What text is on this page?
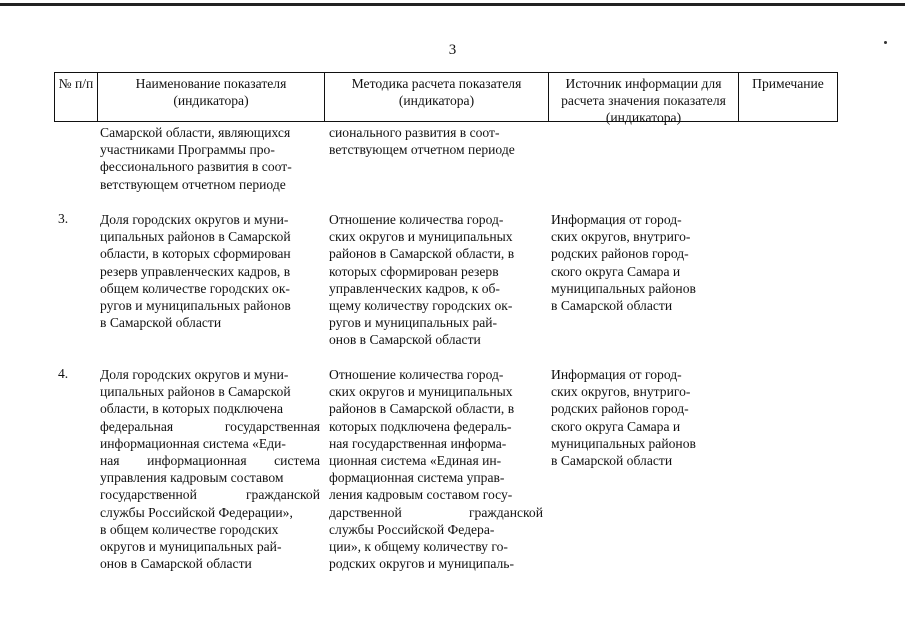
3
№ п/п	Наименование показателя (индикатора)
Методика расчета показателя (индикатора)
Источник информации для расчета значения показателя (индикатора)
Примечание
Самарской области, являющихся
участниками Программы про-
фессионального развития в соот-
ветствующем отчетном периоде
сионального развития в соот-
ветствующем отчетном периоде
3. Доля городских округов и муни-
ципальных районов в Самарской
области, в которых сформирован
резерв управленческих кадров, в
общем количестве городских ок-
ругов и муниципальных районов
в Самарской области
Отношение количества город-
ских округов и муниципальных
районов в Самарской области, в
которых сформирован резерв
управленческих кадров, к об-
щему количеству городских ок-
ругов и муниципальных рай-
онов в Самарской области
Информация от город-
ских округов, внутриго-
родских районов город-
ского округа Самара и
муниципальных районов
в Самарской области
4. Доля городских округов и муни-
ципальных районов в Самарской
области, в которых подключена
федеральная государственная
информационная система «Еди-
ная информационная система
управления кадровым составом
государственной гражданской
службы Российской Федерации»,
в общем количестве городских
округов и муниципальных рай-
онов в Самарской области
Отношение количества город-
ских округов и муниципальных
районов в Самарской области, в
которых подключена федераль-
ная государственная информа-
ционная система «Единая ин-
формационная система управ-
ления кадровым составом госу-
дарственной гражданской
службы Российской Федера-
ции», к общему количеству го-
родских округов и муниципаль-
Информация от город-
ских округов, внутриго-
родских районов город-
ского округа Самара и
муниципальных районов
в Самарской области
